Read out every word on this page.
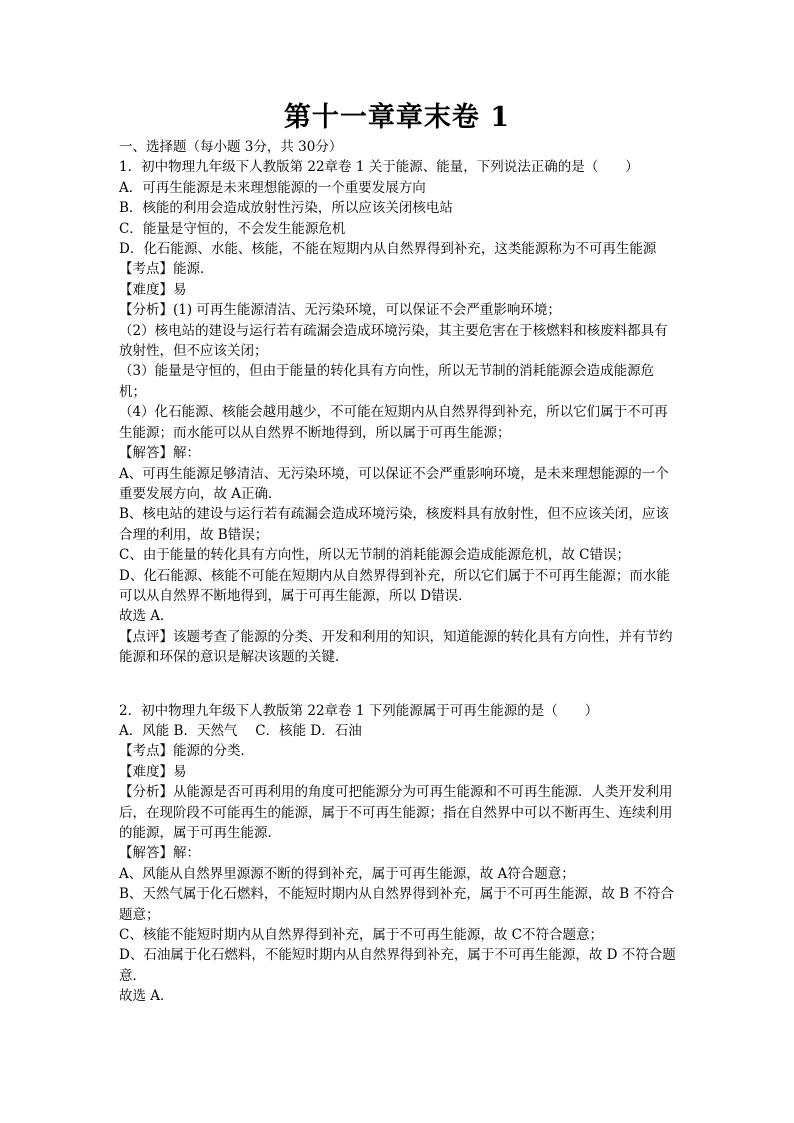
第十一章章末卷 1
一、选择题（每小题 3分，共 30分）
1．初中物理九年级下人教版第 22章卷 1 关于能源、能量，下列说法正确的是（　　）
A．可再生能源是未来理想能源的一个重要发展方向
B．核能的利用会造成放射性污染，所以应该关闭核电站
C．能量是守恒的，不会发生能源危机
D．化石能源、水能、核能，不能在短期内从自然界得到补充，这类能源称为不可再生能源
【考点】能源．
【难度】易
【分析】(1) 可再生能源清洁、无污染环境，可以保证不会严重影响环境；
（2）核电站的建设与运行若有疏漏会造成环境污染，其主要危害在于核燃料和核废料都具有放射性，但不应该关闭；
（3）能量是守恒的，但由于能量的转化具有方向性，所以无节制的消耗能源会造成能源危机；
（4）化石能源、核能会越用越少，不可能在短期内从自然界得到补充，所以它们属于不可再生能源；而水能可以从自然界不断地得到，所以属于可再生能源；
【解答】解：
A、可再生能源足够清洁、无污染环境，可以保证不会严重影响环境，是未来理想能源的一个重要发展方向，故 A正确．
B、核电站的建设与运行若有疏漏会造成环境污染，核废料具有放射性，但不应该关闭，应该合理的利用，故 B错误；
C、由于能量的转化具有方向性，所以无节制的消耗能源会造成能源危机，故 C错误；
D、化石能源、核能不可能在短期内从自然界得到补充，所以它们属于不可再生能源；而水能可以从自然界不断地得到，属于可再生能源，所以 D错误．
故选 A．
【点评】该题考查了能源的分类、开发和利用的知识，知道能源的转化具有方向性，并有节约能源和环保的意识是解决该题的关键．
2．初中物理九年级下人教版第 22章卷 1 下列能源属于可再生能源的是（　　）
A．风能 B．天然气　 C．核能 D．石油
【考点】能源的分类．
【难度】易
【分析】从能源是否可再利用的角度可把能源分为可再生能源和不可再生能源．人类开发利用后，在现阶段不可能再生的能源，属于不可再生能源；指在自然界中可以不断再生、连续利用的能源，属于可再生能源．
【解答】解：
A、风能从自然界里源源不断的得到补充，属于可再生能源，故 A符合题意；
B、天然气属于化石燃料，不能短时期内从自然界得到补充，属于不可再生能源，故 B 不符合题意；
C、核能不能短时期内从自然界得到补充，属于不可再生能源，故 C不符合题意；
D、石油属于化石燃料，不能短时期内从自然界得到补充，属于不可再生能源，故 D 不符合题意．
故选 A．
